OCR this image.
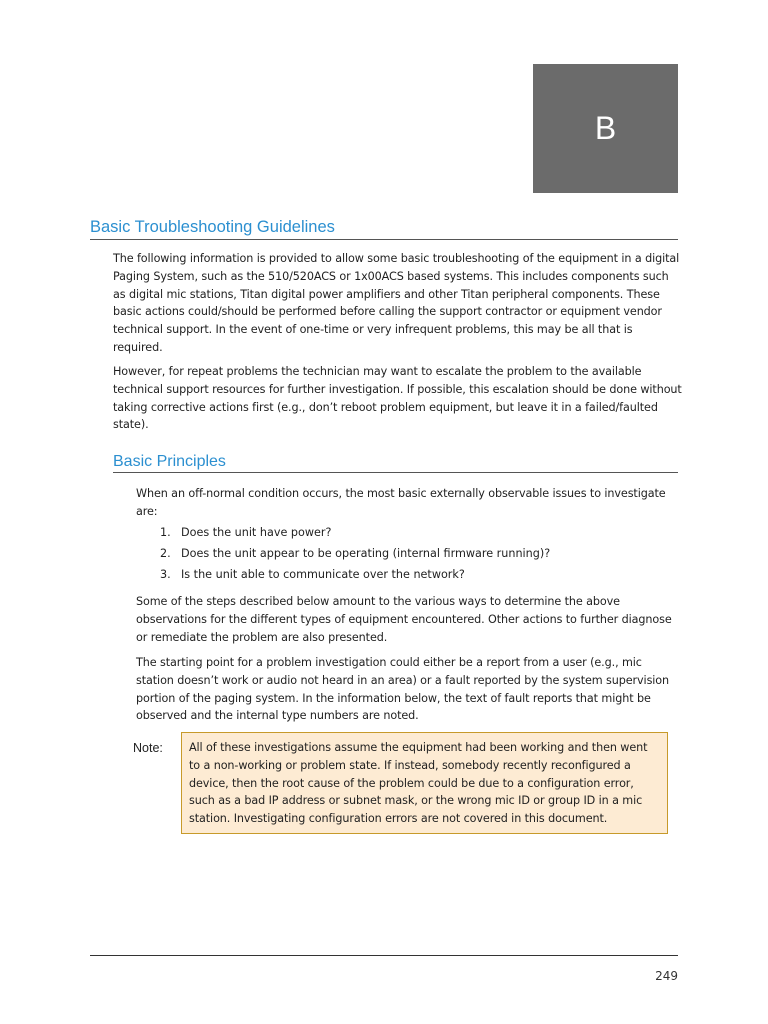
B
Basic Troubleshooting Guidelines

The following information is provided to allow some basic troubleshooting of the equipment in a digital Paging System, such as the 510/520ACS or 1x00ACS based systems. This includes components such as digital mic stations, Titan digital power amplifiers and other Titan peripheral components. These basic actions could/should be performed before calling the support contractor or equipment vendor technical support. In the event of one-time or very infrequent problems, this may be all that is required.

However, for repeat problems the technician may want to escalate the problem to the available technical support resources for further investigation. If possible, this escalation should be done without taking corrective actions first (e.g., don’t reboot problem equipment, but leave it in a failed/faulted state).

Basic Principles

When an off-normal condition occurs, the most basic externally observable issues to investigate are:

1. Does the unit have power?
2. Does the unit appear to be operating (internal firmware running)?
3. Is the unit able to communicate over the network?

Some of the steps described below amount to the various ways to determine the above observations for the different types of equipment encountered. Other actions to further diagnose or remediate the problem are also presented.

The starting point for a problem investigation could either be a report from a user (e.g., mic station doesn’t work or audio not heard in an area) or a fault reported by the system supervision portion of the paging system. In the information below, the text of fault reports that might be observed and the internal type numbers are noted.

Note:	All of these investigations assume the equipment had been working and then went to a non-working or problem state. If instead, somebody recently reconfigured a device, then the root cause of the problem could be due to a configuration error, such as a bad IP address or subnet mask, or the wrong mic ID or group ID in a mic station. Investigating configuration errors are not covered in this document.
249
